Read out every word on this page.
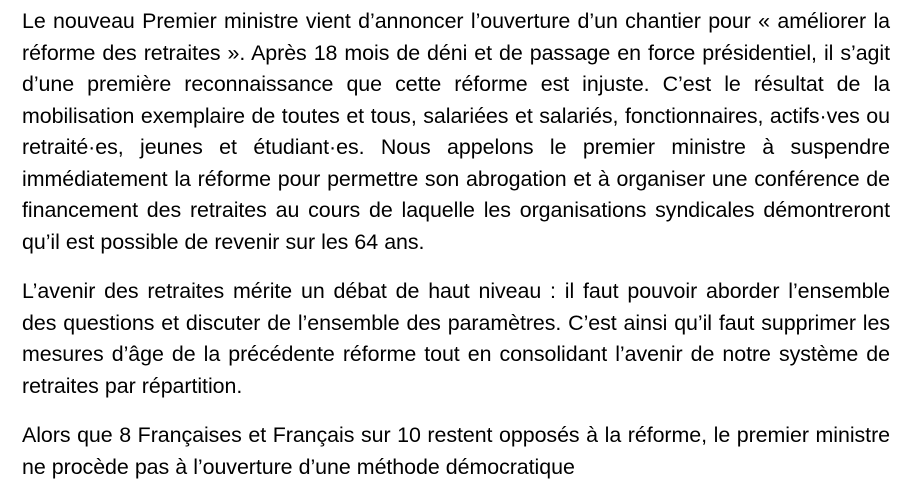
Le nouveau Premier ministre vient d’annoncer l’ouverture d’un chantier pour « améliorer la réforme des retraites ». Après 18 mois de déni et de passage en force présidentiel, il s’agit d’une première reconnaissance que cette réforme est injuste. C’est le résultat de la mobilisation exemplaire de toutes et tous, salariées et salariés, fonctionnaires, actifs·ves ou retraité·es, jeunes et étudiant·es. Nous appelons le premier ministre à suspendre immédiatement la réforme pour permettre son abrogation et à organiser une conférence de financement des retraites au cours de laquelle les organisations syndicales démontreront qu’il est possible de revenir sur les 64 ans.

L’avenir des retraites mérite un débat de haut niveau : il faut pouvoir aborder l’ensemble des questions et discuter de l’ensemble des paramètres. C’est ainsi qu’il faut supprimer les mesures d’âge de la précédente réforme tout en consolidant l’avenir de notre système de retraites par répartition.

Alors que 8 Françaises et Français sur 10 restent opposés à la réforme, le premier ministre ne procède pas à l’ouverture d’une méthode démocratique
